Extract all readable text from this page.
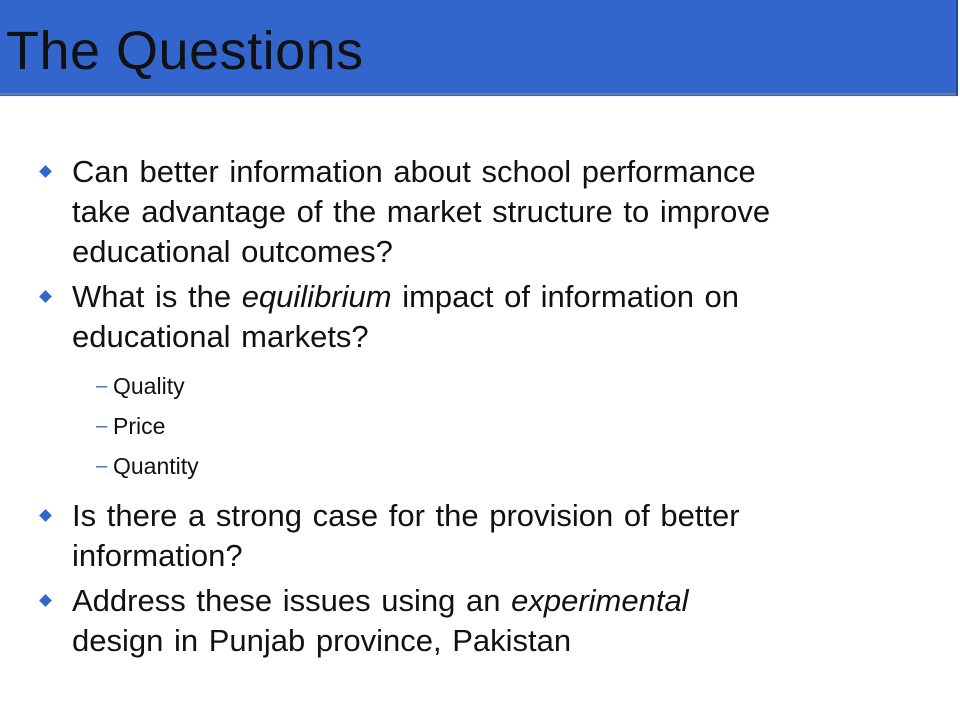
The Questions
Can better information about school performance
take advantage of the market structure to improve
educational outcomes?
What is the equilibrium impact of information on
educational markets?
– Quality
– Price
– Quantity
Is there a strong case for the provision of better
information?
Address these issues using an experimental
design in Punjab province, Pakistan
